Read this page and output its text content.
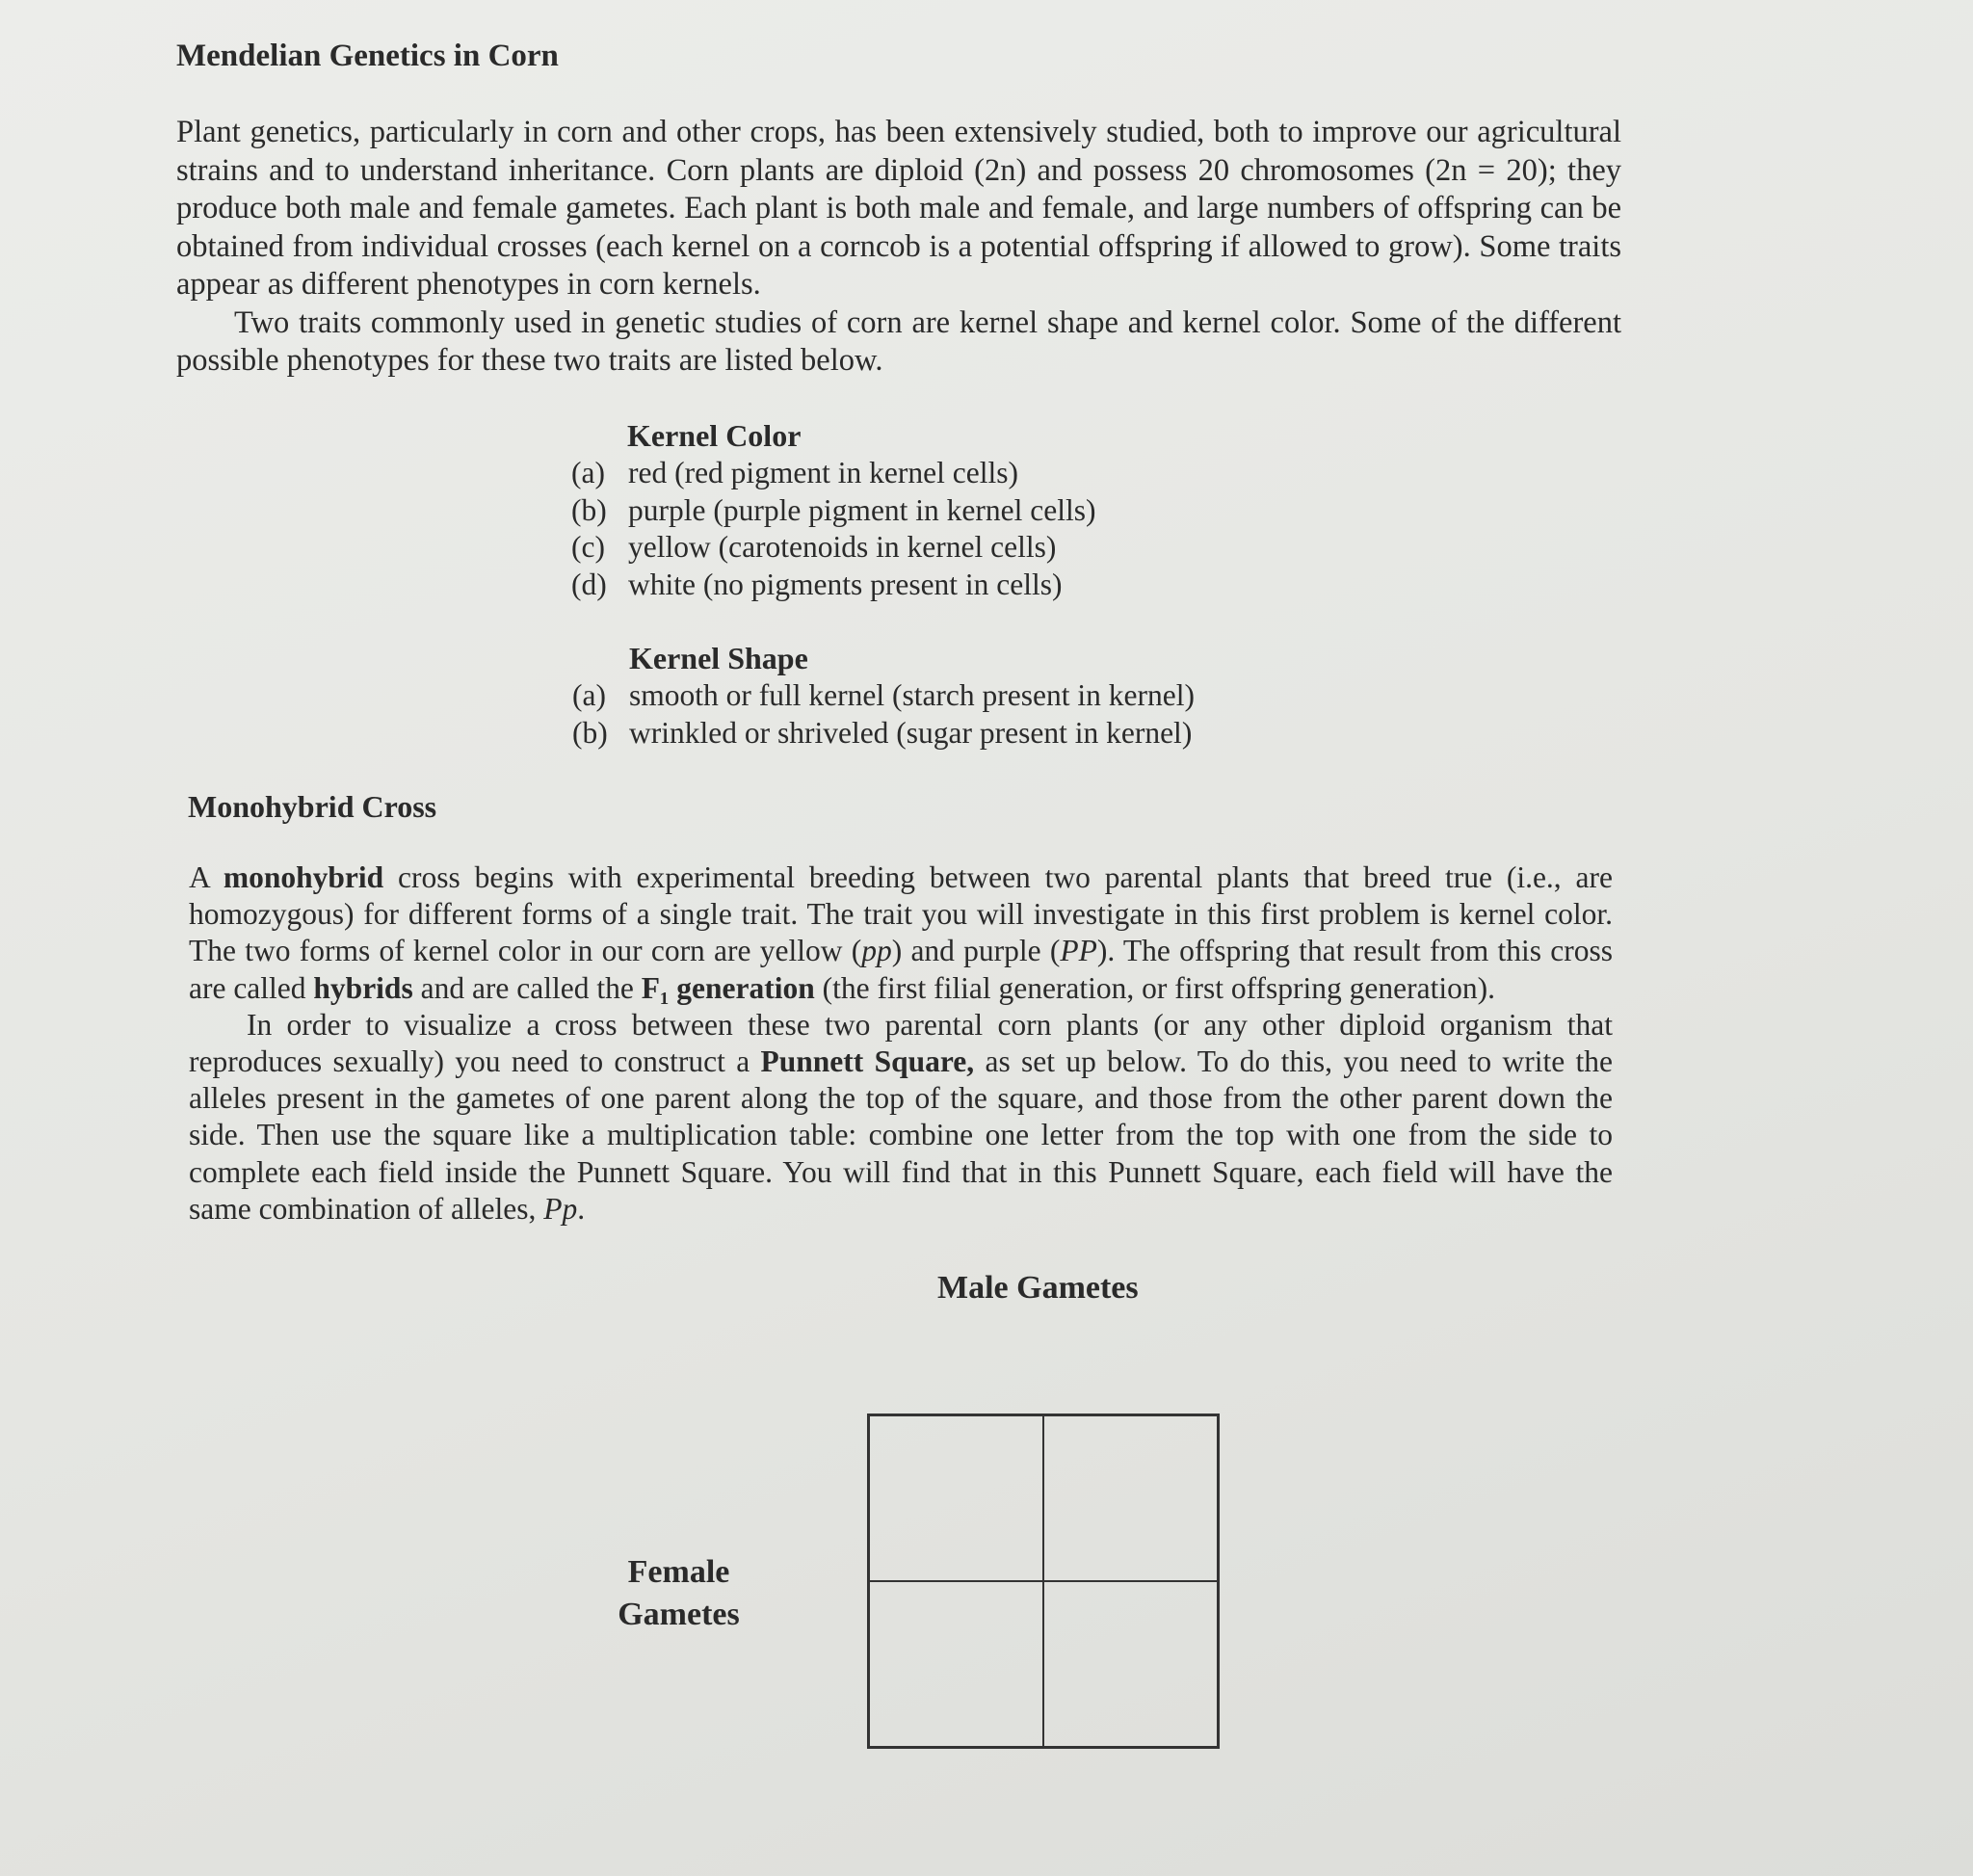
Mendelian Genetics in Corn

Plant genetics, particularly in corn and other crops, has been extensively studied, both to improve our agricultural strains and to understand inheritance. Corn plants are diploid (2n) and possess 20 chromosomes (2n = 20); they produce both male and female gametes. Each plant is both male and female, and large numbers of offspring can be obtained from individual crosses (each kernel on a corncob is a potential offspring if allowed to grow). Some traits appear as different phenotypes in corn kernels.

Two traits commonly used in genetic studies of corn are kernel shape and kernel color. Some of the different possible phenotypes for these two traits are listed below.

Kernel Color
(a) red (red pigment in kernel cells)
(b) purple (purple pigment in kernel cells)
(c) yellow (carotenoids in kernel cells)
(d) white (no pigments present in cells)
Kernel Shape
(a) smooth or full kernel (starch present in kernel)
(b) wrinkled or shriveled (sugar present in kernel)
Monohybrid Cross

A monohybrid cross begins with experimental breeding between two parental plants that breed true (i.e., are homozygous) for different forms of a single trait. The trait you will investigate in this first problem is kernel color. The two forms of kernel color in our corn are yellow (pp) and purple (PP). The offspring that result from this cross are called hybrids and are called the F₁ generation (the first filial generation, or first offspring generation).

In order to visualize a cross between these two parental corn plants (or any other diploid organism that reproduces sexually) you need to construct a Punnett Square, as set up below. To do this, you need to write the alleles present in the gametes of one parent along the top of the square, and those from the other parent down the side. Then use the square like a multiplication table: combine one letter from the top with one from the side to complete each field inside the Punnett Square. You will find that in this Punnett Square, each field will have the same combination of alleles, Pp.

Male Gametes
Female
Gametes
